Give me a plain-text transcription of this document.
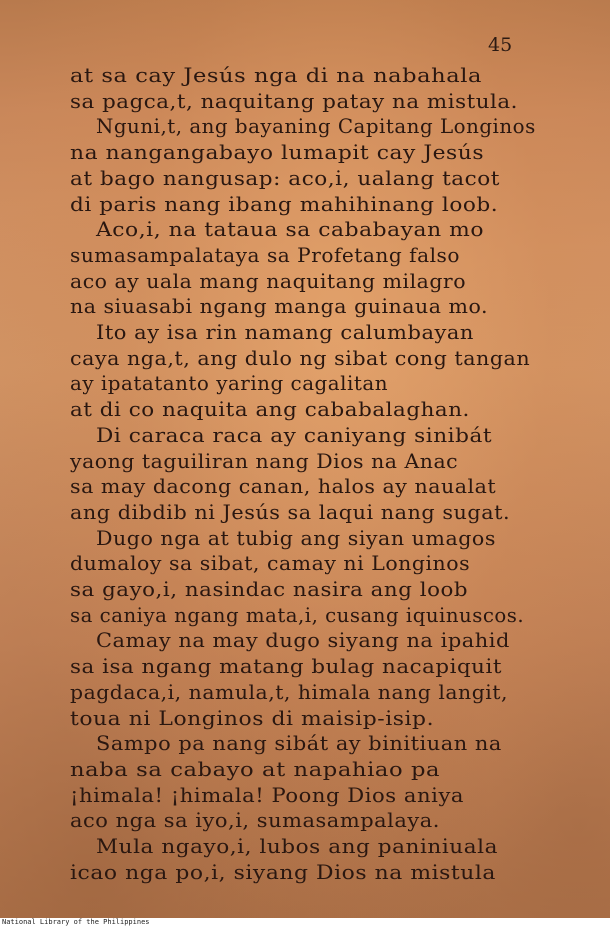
45
at sa cay Jesús nga di na nabahala
sa pagca,t, naquitang patay na mistula.
Nguni,t, ang bayaning Capitang Longinos
na nangangabayo lumapit cay Jesús
at bago nangusap: aco,i, ualang tacot
di paris nang ibang mahihinang loob.
Aco,i, na tataua sa cababayan mo
sumasampalataya sa Profetang falso
aco ay uala mang naquitang milagro
na siuasabi ngang manga guinaua mo.
Ito ay isa rin namang calumbayan
caya nga,t, ang dulo ng sibat cong tangan
ay ipatatanto yaring cagalitan
at di co naquita ang cababalaghan.
Di caraca raca ay caniyang sinibát
yaong taguiliran nang Dios na Anac
sa may dacong canan, halos ay naualat
ang dibdib ni Jesús sa laqui nang sugat.
Dugo nga at tubig ang siyan umagos
dumaloy sa sibat, camay ni Longinos
sa gayo,i, nasindac nasira ang loob
sa caniya ngang mata,i, cusang iquinuscos.
Camay na may dugo siyang na ipahid
sa isa ngang matang bulag nacapiquit
pagdaca,i, namula,t, himala nang langit,
toua ni Longinos di maisip-isip.
Sampo pa nang sibát ay binitiuan na
naba sa cabayo at napahiao pa
¡himala! ¡himala! Poong Dios aniya
aco nga sa iyo,i, sumasampalaya.
Mula ngayo,i, lubos ang paniniuala
icao nga po,i, siyang Dios na mistula
National Library of the Philippines
